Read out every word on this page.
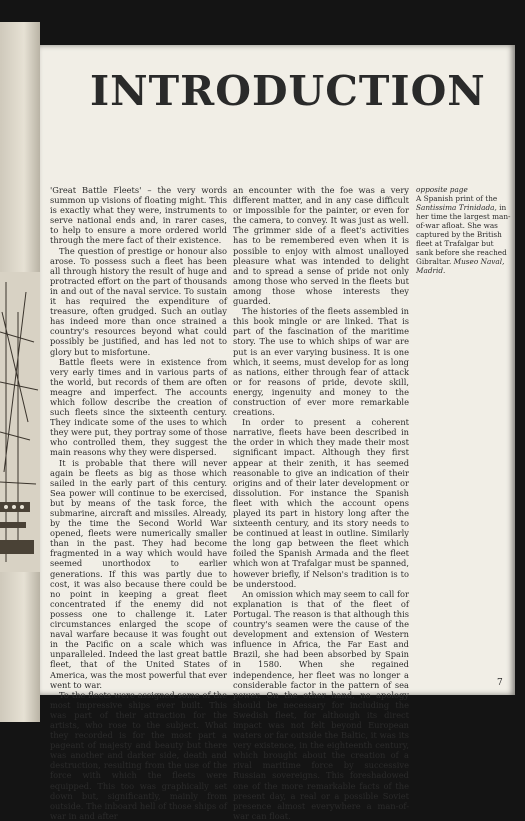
INTRODUCTION

'Great Battle Fleets' – the very words summon up visions of floating might. This is exactly what they were, instruments to serve national ends and, in rarer cases, to help to ensure a more ordered world through the mere fact of their existence.

The question of prestige or honour also arose. To possess such a fleet has been all through history the result of huge and protracted effort on the part of thousands in and out of the naval service. To sustain it has required the expenditure of treasure, often grudged. Such an outlay has indeed more than once strained a country's resources beyond what could possibly be justified, and has led not to glory but to misfortune.

Battle fleets were in existence from very early times and in various parts of the world, but records of them are often meagre and imperfect. The accounts which follow describe the creation of such fleets since the sixteenth century. They indicate some of the uses to which they were put, they portray some of those who controlled them, they suggest the main reasons why they were dispersed.

It is probable that there will never again be fleets as big as those which sailed in the early part of this century. Sea power will continue to be exercised, but by means of the task force, the submarine, aircraft and missiles. Already, by the time the Second World War opened, fleets were numerically smaller than in the past. They had become fragmented in a way which would have seemed unorthodox to earlier generations. If this was partly due to cost, it was also because there could be no point in keeping a great fleet concentrated if the enemy did not possess one to challenge it. Later circumstances enlarged the scope of naval warfare because it was fought out in the Pacific on a scale which was unparalleled. Indeed the last great battle fleet, that of the United States of America, was the most powerful that ever went to war.

To the fleets were assigned some of the most impressive ships ever built. This was part of their attraction for the artists, who rose to the subject. What they recorded is for the most part a pageant of majesty and beauty but there was another and darker side, death and destruction, resulting from the use of the force with which the fleets were equipped. This too was graphically set down but, significantly, mainly from outside. The inboard hell of those ships of war in and after

an encounter with the foe was a very different matter, and in any case difficult or impossible for the painter, or even for the camera, to convey. It was just as well. The grimmer side of a fleet's activities has to be remembered even when it is possible to enjoy with almost unalloyed pleasure what was intended to delight and to spread a sense of pride not only among those who served in the fleets but among those whose interests they guarded.

The histories of the fleets assembled in this book mingle or are linked. That is part of the fascination of the maritime story. The use to which ships of war are put is an ever varying business. It is one which, it seems, must develop for as long as nations, either through fear of attack or for reasons of pride, devote skill, energy, ingenuity and money to the construction of ever more remarkable creations.

In order to present a coherent narrative, fleets have been described in the order in which they made their most significant impact. Although they first appear at their zenith, it has seemed reasonable to give an indication of their origins and of their later development or dissolution. For instance the Spanish fleet with which the account opens played its part in history long after the sixteenth century, and its story needs to be continued at least in outline. Similarly the long gap between the fleet which foiled the Spanish Armada and the fleet which won at Trafalgar must be spanned, however briefly, if Nelson's tradition is to be understood.

An omission which may seem to call for explanation is that of the fleet of Portugal. The reason is that although this country's seamen were the cause of the development and extension of Western influence in Africa, the Far East and Brazil, she had been absorbed by Spain in 1580. When she regained independence, her fleet was no longer a considerable factor in the pattern of sea power. On the other hand, no apology should be necessary for including the Swedish fleet, for although its direct impact was not felt beyond European waters or far outside the Baltic, it was its very existence, in the eighteenth century, which brought about the creation of a rival maritime force by successive Russian sovereigns. This foreshadowed one of the more remarkable facts of the present day, a real or a possible Soviet presence almost everywhere a man-of-war can float.

opposite page
A Spanish print of the Santissima Trinidada, in her time the largest man-of-war afloat. She was captured by the British fleet at Trafalgar but sank before she reached Gibraltar. Museo Naval, Madrid.
7
